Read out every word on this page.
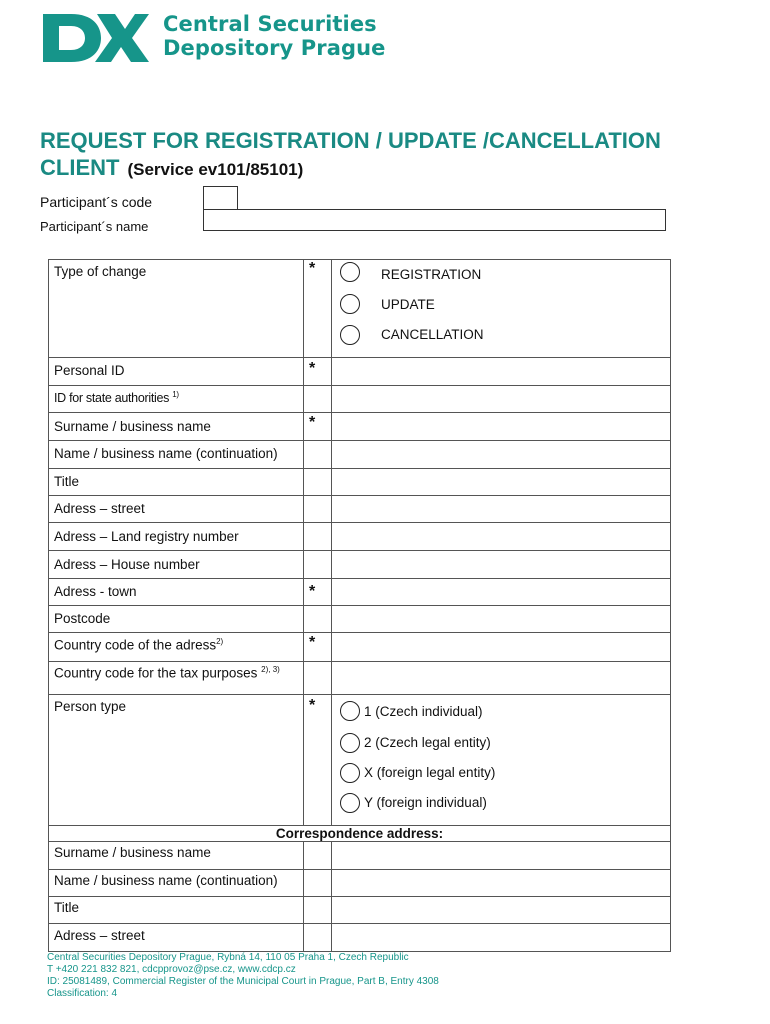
Central Securities
Depository Prague
REQUEST FOR REGISTRATION / UPDATE /CANCELLATION
CLIENT (Service ev101/85101)
Participant´s code
Participant´s name
Type of change	*	REGISTRATION
UPDATE
CANCELLATION
Personal ID	*
ID for state authorities $^{1)}$
Surname / business name	*
Name / business name (continuation)
Title
Adress – street
Adress – Land registry number
Adress – House number
Adress - town	*
Postcode
Country code of the adress$^{2)}$	*
Country code for the tax purposes $^{2), 3)}$
Person type	*	1 (Czech individual)
2 (Czech legal entity)
X (foreign legal entity)
Y (foreign individual)
Correspondence address:
Surname / business name
Name / business name (continuation)
Title
Adress – street
Central Securities Depository Prague, Rybná 14, 110 05 Praha 1, Czech Republic
T +420 221 832 821, cdcpprovoz@pse.cz, www.cdcp.cz
ID: 25081489, Commercial Register of the Municipal Court in Prague, Part B, Entry 4308
Classification: 4
